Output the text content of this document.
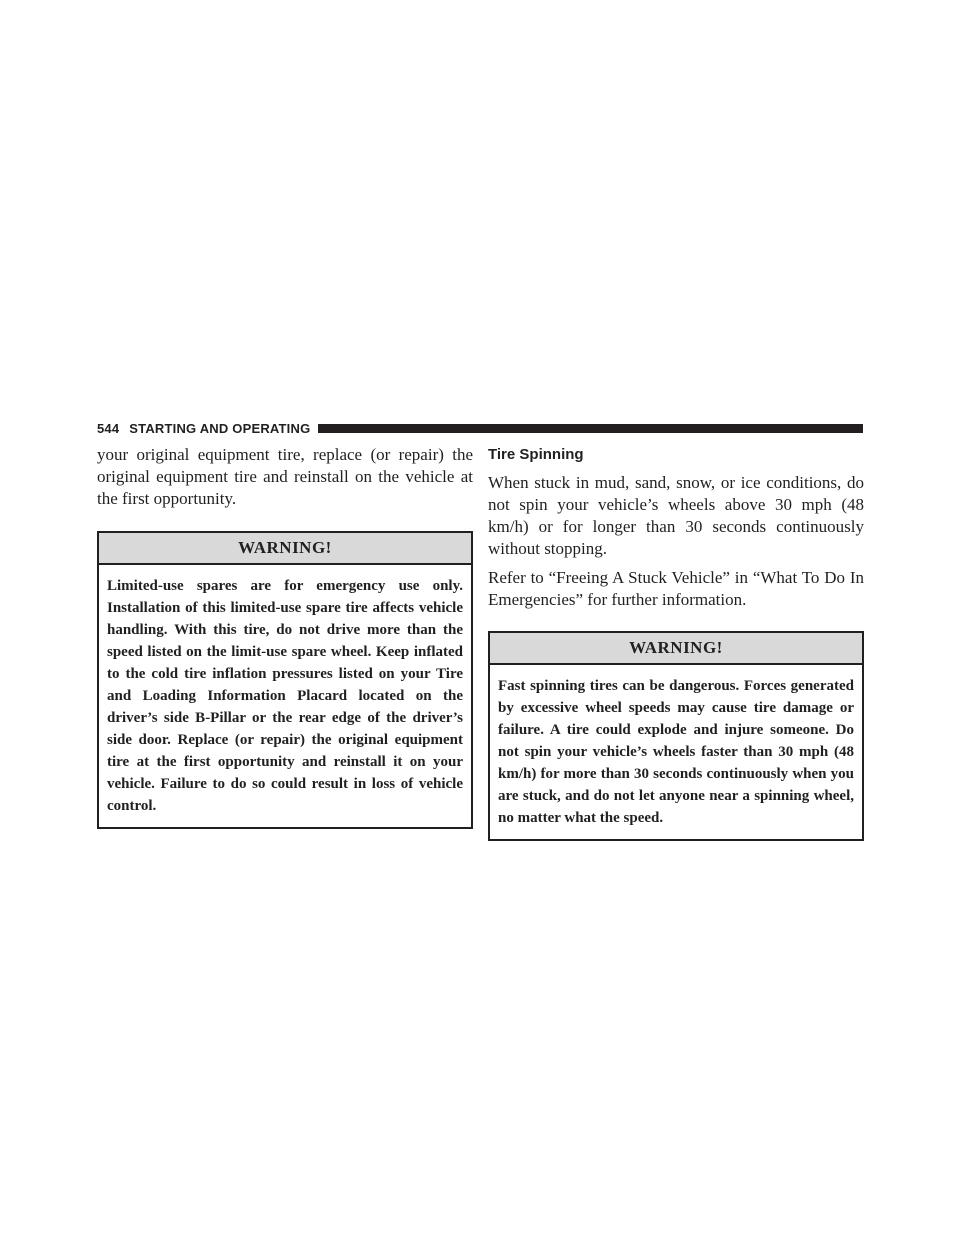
544 STARTING AND OPERATING

your original equipment tire, replace (or repair) the original equipment tire and reinstall on the vehicle at the first opportunity.

WARNING!
Limited-use spares are for emergency use only. Installation of this limited-use spare tire affects vehicle handling. With this tire, do not drive more than the speed listed on the limit-use spare wheel. Keep inflated to the cold tire inflation pressures listed on your Tire and Loading Information Placard located on the driver’s side B-Pillar or the rear edge of the driver’s side door. Replace (or repair) the original equipment tire at the first opportunity and reinstall it on your vehicle. Failure to do so could result in loss of vehicle control.
Tire Spinning

When stuck in mud, sand, snow, or ice conditions, do not spin your vehicle’s wheels above 30 mph (48 km/h) or for longer than 30 seconds continuously without stopping.

Refer to “Freeing A Stuck Vehicle” in “What To Do In Emergencies” for further information.

WARNING!
Fast spinning tires can be dangerous. Forces generated by excessive wheel speeds may cause tire damage or failure. A tire could explode and injure someone. Do not spin your vehicle’s wheels faster than 30 mph (48 km/h) for more than 30 seconds continuously when you are stuck, and do not let anyone near a spinning wheel, no matter what the speed.
